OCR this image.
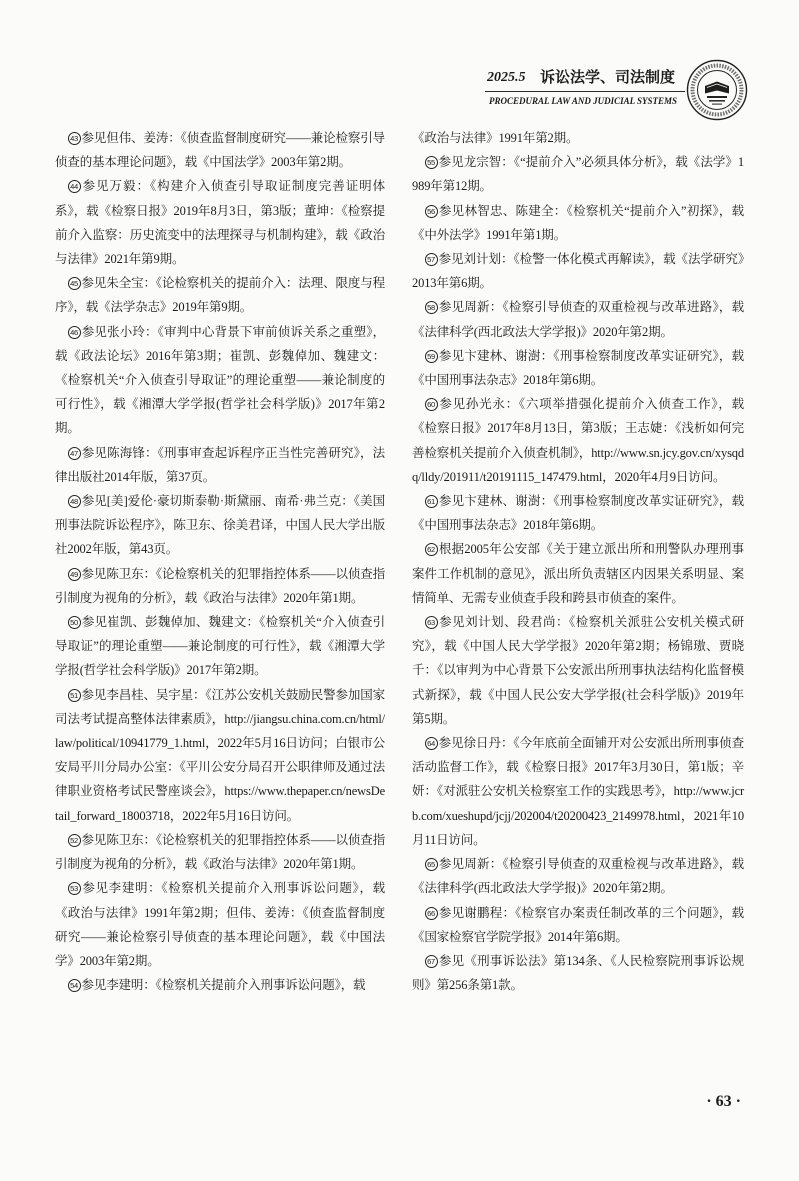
2025.5 诉讼法学、司法制度
PROCEDURAL LAW AND JUDICIAL SYSTEMS

43 参见但伟、姜涛：《侦查监督制度研究——兼论检察引导侦查的基本理论问题》，载《中国法学》2003年第2期。

44 参见万毅：《构建介入侦查引导取证制度完善证明体系》，载《检察日报》2019年8月3日，第3版；董坤：《检察提前介入监察：历史流变中的法理探寻与机制构建》，载《政治与法律》2021年第9期。

45 参见朱全宝：《论检察机关的提前介入：法理、限度与程序》，载《法学杂志》2019年第9期。

46 参见张小玲：《审判中心背景下审前侦诉关系之重塑》，载《政法论坛》2016年第3期；崔凯、彭魏倬加、魏建文：《检察机关“介入侦查引导取证”的理论重塑——兼论制度的可行性》，载《湘潭大学学报(哲学社会科学版)》2017年第2期。

47 参见陈海锋：《刑事审查起诉程序正当性完善研究》，法律出版社2014年版，第37页。

48 参见[美]爱伦·豪切斯泰勒·斯黛丽、南希·弗兰克：《美国刑事法院诉讼程序》，陈卫东、徐美君译，中国人民大学出版社2002年版，第43页。

49 参见陈卫东：《论检察机关的犯罪指控体系——以侦查指引制度为视角的分析》，载《政治与法律》2020年第1期。

50 参见崔凯、彭魏倬加、魏建文：《检察机关“介入侦查引导取证”的理论重塑——兼论制度的可行性》，载《湘潭大学学报(哲学社会科学版)》2017年第2期。

51 参见李昌桂、吴宇星：《江苏公安机关鼓励民警参加国家司法考试提高整体法律素质》，http://jiangsu.china.com.cn/html/law/political/10941779_1.html，2022年5月16日访问；白银市公安局平川分局办公室：《平川公安分局召开公职律师及通过法律职业资格考试民警座谈会》，https://www.thepaper.cn/newsDetail_forward_18003718，2022年5月16日访问。

52 参见陈卫东：《论检察机关的犯罪指控体系——以侦查指引制度为视角的分析》，载《政治与法律》2020年第1期。

53 参见李建明：《检察机关提前介入刑事诉讼问题》，载《政治与法律》1991年第2期；但伟、姜涛：《侦查监督制度研究——兼论检察引导侦查的基本理论问题》，载《中国法学》2003年第2期。

54 参见李建明：《检察机关提前介入刑事诉讼问题》，载

《政治与法律》1991年第2期。

55 参见龙宗智：《“提前介入”必须具体分析》，载《法学》1989年第12期。

56 参见林智忠、陈建全：《检察机关“提前介入”初探》，载《中外法学》1991年第1期。

57 参见刘计划：《检警一体化模式再解读》，载《法学研究》2013年第6期。

58 参见周新：《检察引导侦查的双重检视与改革进路》，载《法律科学(西北政法大学学报)》2020年第2期。

59 参见卞建林、谢澍：《刑事检察制度改革实证研究》，载《中国刑事法杂志》2018年第6期。

60 参见孙光永：《六项举措强化提前介入侦查工作》，载《检察日报》2017年8月13日，第3版；王志婕：《浅析如何完善检察机关提前介入侦查机制》，http://www.sn.jcy.gov.cn/xysqdq/lldy/201911/t20191115_147479.html，2020年4月9日访问。

61 参见卞建林、谢澍：《刑事检察制度改革实证研究》，载《中国刑事法杂志》2018年第6期。

62 根据2005年公安部《关于建立派出所和刑警队办理刑事案件工作机制的意见》，派出所负责辖区内因果关系明显、案情简单、无需专业侦查手段和跨县市侦查的案件。

63 参见刘计划、段君尚：《检察机关派驻公安机关模式研究》，载《中国人民大学学报》2020年第2期；杨锦璈、贾晓千：《以审判为中心背景下公安派出所刑事执法结构化监督模式新探》，载《中国人民公安大学学报(社会科学版)》2019年第5期。

64 参见徐日丹：《今年底前全面铺开对公安派出所刑事侦查活动监督工作》，载《检察日报》2017年3月30日，第1版；辛妍：《对派驻公安机关检察室工作的实践思考》，http://www.jcrb.com/xueshupd/jcjj/202004/t20200423_2149978.html，2021年10月11日访问。

65 参见周新：《检察引导侦查的双重检视与改革进路》，载《法律科学(西北政法大学学报)》2020年第2期。

66 参见谢鹏程：《检察官办案责任制改革的三个问题》，载《国家检察官学院学报》2014年第6期。

67 参见《刑事诉讼法》第134条、《人民检察院刑事诉讼规则》第256条第1款。

· 63 ·
